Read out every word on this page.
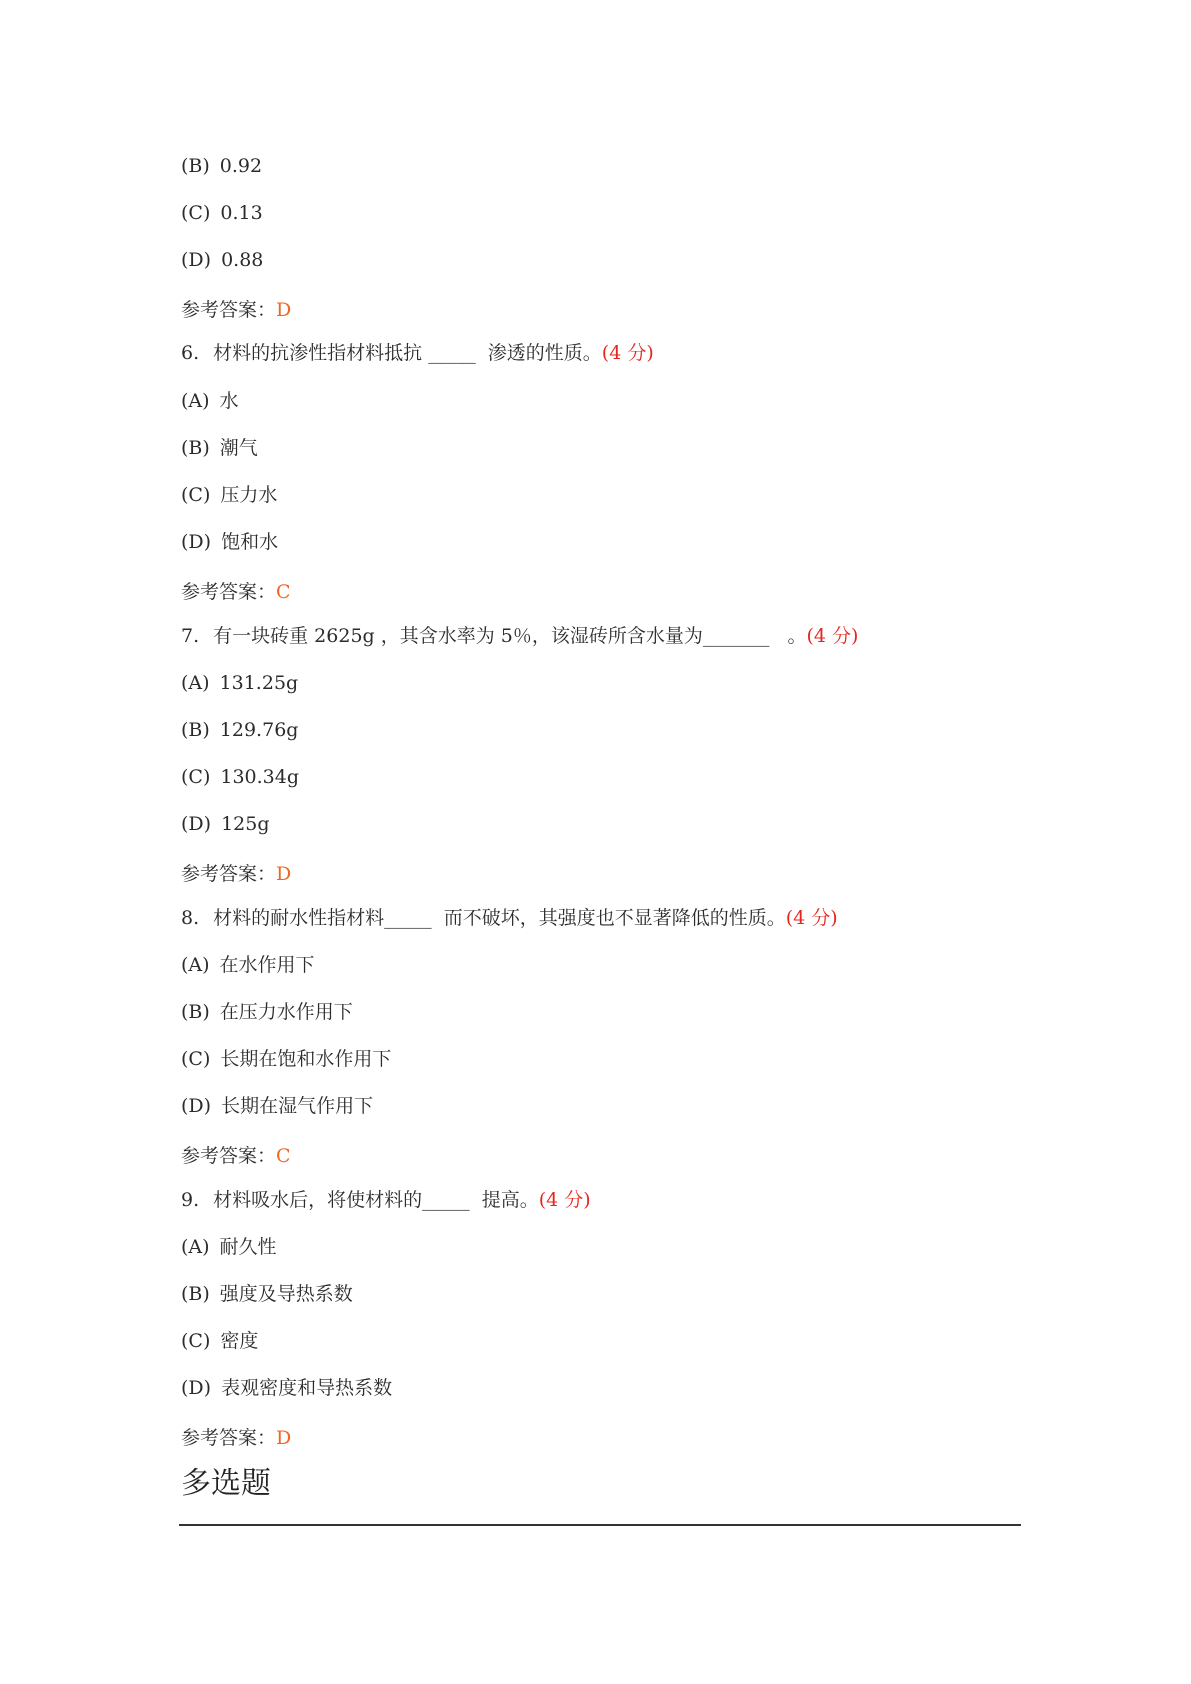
(B) 0.92
(C) 0.13
(D) 0.88
参考答案：D
6. 材料的抗渗性指材料抵抗 _____  渗透的性质。(4 分)
(A) 水
(B) 潮气
(C) 压力水
(D) 饱和水
参考答案：C
7. 有一块砖重 2625g ，其含水率为 5％，该湿砖所含水量为_______   。(4 分)
(A) 131.25g
(B) 129.76g
(C) 130.34g
(D) 125g
参考答案：D
8. 材料的耐水性指材料_____  而不破坏，其强度也不显著降低的性质。(4 分)
(A) 在水作用下
(B) 在压力水作用下
(C) 长期在饱和水作用下
(D) 长期在湿气作用下
参考答案：C
9. 材料吸水后，将使材料的_____  提高。(4 分)
(A) 耐久性
(B) 强度及导热系数
(C) 密度
(D) 表观密度和导热系数
参考答案：D
多选题
